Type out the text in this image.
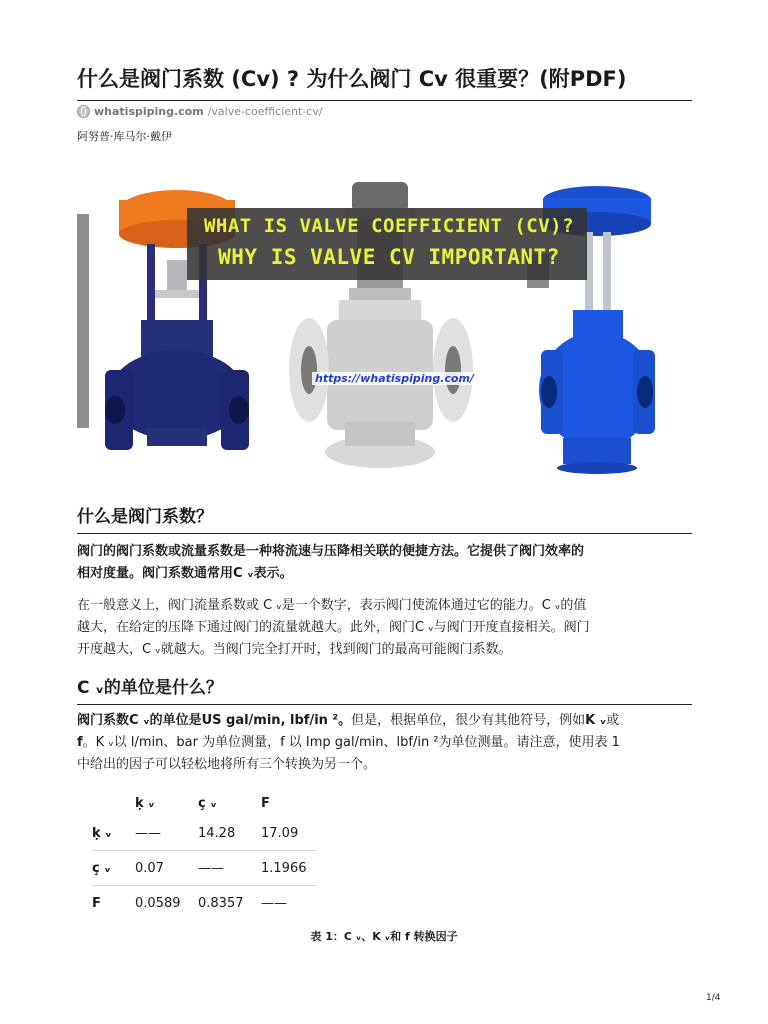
什么是阀门系数 (Cv) ? 为什么阀门 Cv 很重要？(附PDF)
whatispiping.com /valve-coefficient-cv/
阿努普·库马尔·戴伊
WHAT IS VALVE COEFFICIENT (CV)?
WHY IS VALVE CV IMPORTANT?
https://whatispiping.com/
什么是阀门系数？

阀门的阀门系数或流量系数是一种将流速与压降相关联的便捷方法。它提供了阀门效率的

相对度量。阀门系数通常用C ᵥ表示。

在一般意义上，阀门流量系数或 C ᵥ是一个数字，表示阀门使流体通过它的能力。C ᵥ的值

越大，在给定的压降下通过阀门的流量就越大。此外，阀门C ᵥ与阀门开度直接相关。阀门

开度越大，C ᵥ就越大。当阀门完全打开时，找到阀门的最高可能阀门系数。

C ᵥ的单位是什么？

阀门系数C ᵥ的单位是US gal/min, lbf/in ²。但是，根据单位，很少有其他符号，例如K ᵥ或

f。K ᵥ以 l/min、bar 为单位测量，f 以 Imp gal/min、lbf/in ²为单位测量。请注意，使用表 1

中给出的因子可以轻松地将所有三个转换为另一个。

	ķ ᵥ	ç ᵥ	F
ķ ᵥ	——	14.28	17.09
ç ᵥ	0.07	——	1.1966
F	0.0589	0.8357	——
表 1：C ᵥ、K ᵥ和 f 转换因子
1/4
